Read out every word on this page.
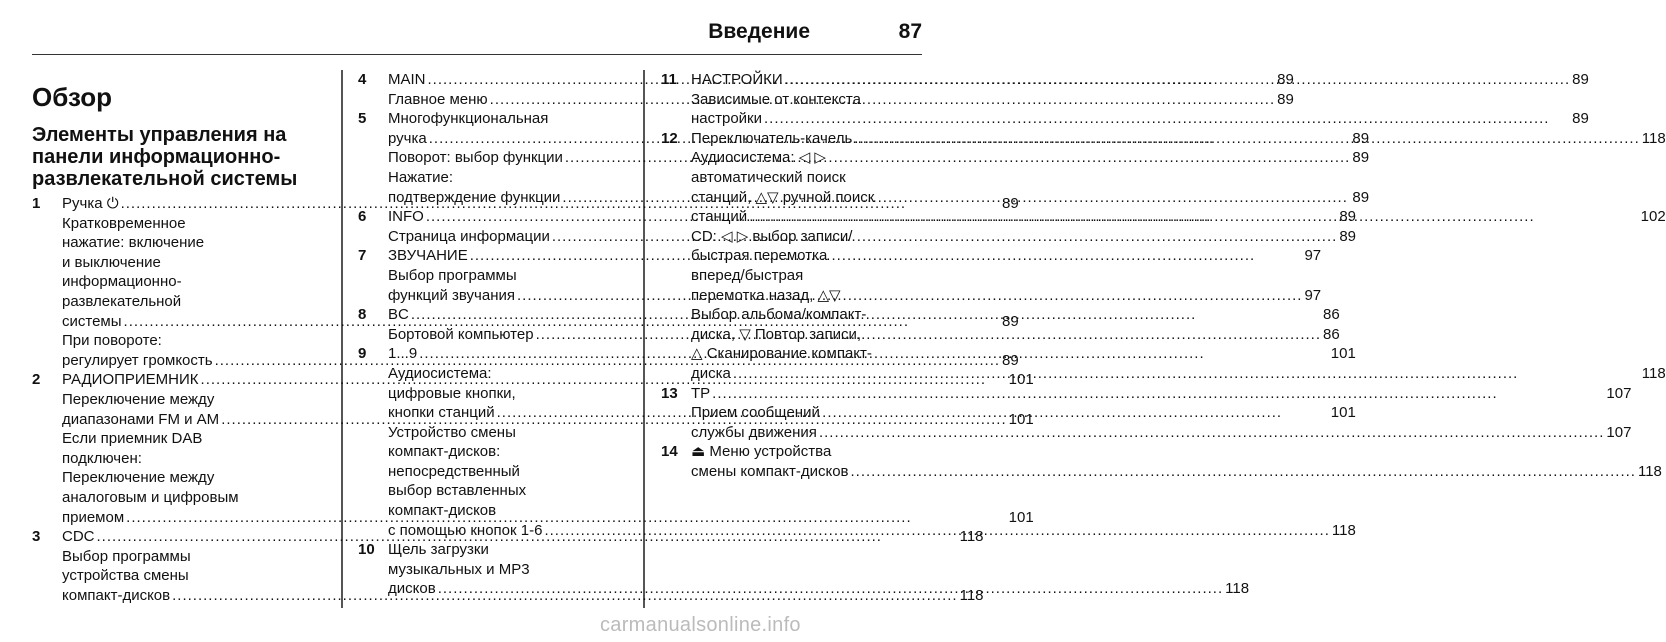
Введение	87
Обзор
Элементы управления на
панели информационно-
развлекательной системы
1	Ручка ⏻ .....	89
Кратковременное
нажатие: включение
и выключение
информационно-
развлекательной
системы .....	89
При повороте:
регулирует громкость .....	89
2	РАДИОПРИЕМНИК .....	101
Переключение между
диапазонами FM и AM .....	101
Если приемник DAB
подключен:
Переключение между
аналоговым и цифровым
приемом .....	101
3	CDC .....	118
Выбор программы
устройства смены
компакт-дисков .....	118
4	MAIN .....	89
Главное меню .....	89
5	Многофункциональная
ручка .....	89
Поворот: выбор функции .....	89
Нажатие:
подтверждение функции .....	89
6	INFO .....	89
Страница информации .....	89
7	ЗВУЧАНИЕ .....	97
Выбор программы
функций звучания .....	97
8	BC .....	86
Бортовой компьютер .....	86
9	1...9 .....	101
Аудиосистема:
цифровые кнопки,
кнопки станций .....	101
Устройство смены
компакт-дисков:
непосредственный
выбор вставленных
компакт-дисков
с помощью кнопок 1-6 .....	118
10 Щель загрузки
музыкальных и MP3
дисков .....	118
11 НАСТРОЙКИ .....	89
Зависимые от контекста
настройки .....	89
12 Переключатель-качель .....	118
Аудиосистема: ◁ ▷
автоматический поиск
станций, △▽ ручной поиск
станций .....	102
CD: ◁ ▷ выбор записи/
быстрая перемотка
вперед/быстрая
перемотка назад, △▽
Выбор альбома/компакт-
диска, ▽ Повтор записи,
△ Сканирование компакт-
диска .....	118
13 TP .....	107
Прием сообщений
службы движения .....	107
14 ⏏ Меню устройства
смены компакт-дисков .....	118
carmanualsonline.info
